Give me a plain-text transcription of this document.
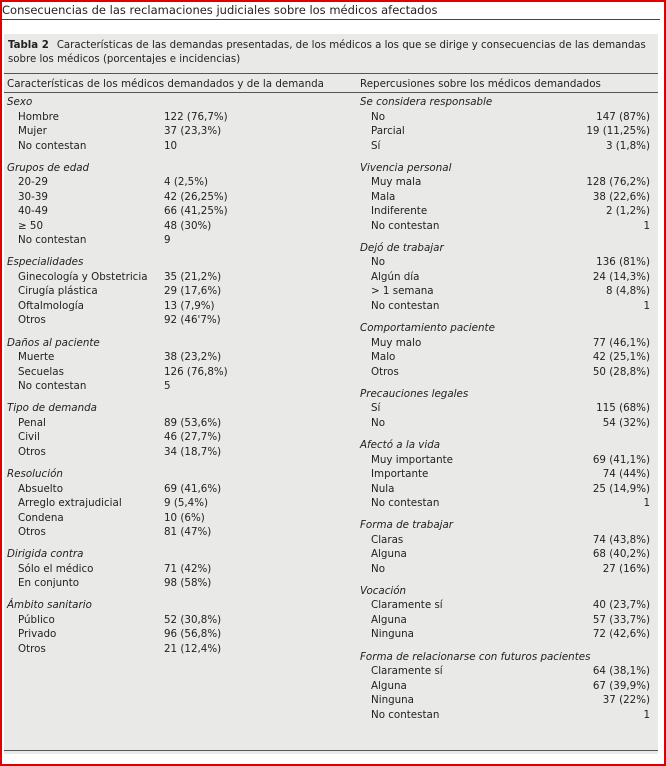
Consecuencias de las reclamaciones judiciales sobre los médicos afectados
Tabla 2 Características de las demandas presentadas, de los médicos a los que se dirige y consecuencias de las demandas sobre los médicos (porcentajes e incidencias)
Características de los médicos demandados y de la demanda	Repercusiones sobre los médicos demandados
Sexo
Hombre	122 (76,7%)
Mujer	37 (23,3%)
No contestan	10
Grupos de edad
20-29	4 (2,5%)
30-39	42 (26,25%)
40-49	66 (41,25%)
≥ 50	48 (30%)
No contestan	9
Especialidades
Ginecología y Obstetricia 35 (21,2%)
Cirugía plástica	29 (17,6%)
Oftalmología	13 (7,9%)
Otros	92 (46'7%)
Daños al paciente
Muerte	38 (23,2%)
Secuelas	126 (76,8%)
No contestan	5
Tipo de demanda
Penal	89 (53,6%)
Civil	46 (27,7%)
Otros	34 (18,7%)
Resolución
Absuelto	69 (41,6%)
Arreglo extrajudicial	9 (5,4%)
Condena	10 (6%)
Otros	81 (47%)
Dirigida contra
Sólo el médico	71 (42%)
En conjunto	98 (58%)
Ámbito sanitario
Público	52 (30,8%)
Privado	96 (56,8%)
Otros	21 (12,4%)
Se considera responsable
No	147 (87%)
Parcial	19 (11,25%)
Sí	3 (1,8%)
Vivencia personal
Muy mala	128 (76,2%)
Mala	38 (22,6%)
Indiferente	2 (1,2%)
No contestan	1
Dejó de trabajar
No	136 (81%)
Algún día	24 (14,3%)
> 1 semana	8 (4,8%)
No contestan	1
Comportamiento paciente
Muy malo	77 (46,1%)
Malo	42 (25,1%)
Otros	50 (28,8%)
Precauciones legales
Sí	115 (68%)
No	54 (32%)
Afectó a la vida
Muy importante	69 (41,1%)
Importante	74 (44%)
Nula	25 (14,9%)
No contestan	1
Forma de trabajar
Claras	74 (43,8%)
Alguna	68 (40,2%)
No	27 (16%)
Vocación
Claramente sí	40 (23,7%)
Alguna	57 (33,7%)
Ninguna	72 (42,6%)
Forma de relacionarse con futuros pacientes
Claramente sí	64 (38,1%)
Alguna	67 (39,9%)
Ninguna	37 (22%)
No contestan	1
